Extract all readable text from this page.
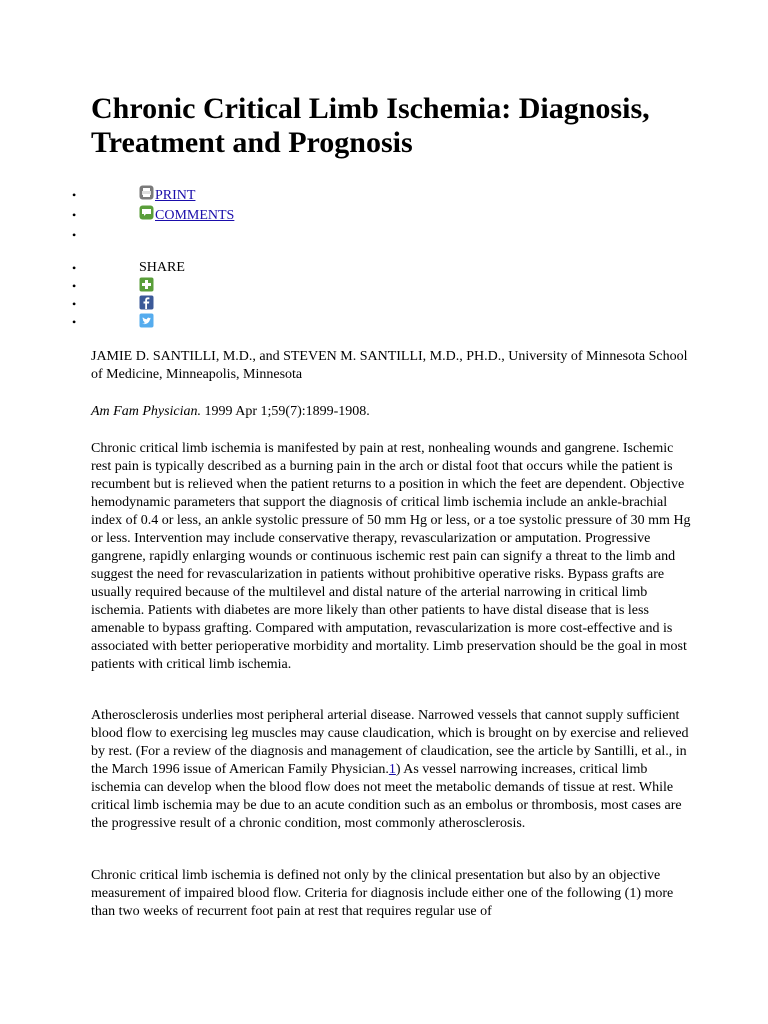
Chronic Critical Limb Ischemia: Diagnosis, Treatment and Prognosis
• PRINT
• COMMENTS
•
• SHARE
•
•
•

JAMIE D. SANTILLI, M.D., and STEVEN M. SANTILLI, M.D., PH.D., University of Minnesota School of Medicine, Minneapolis, Minnesota

Am Fam Physician. 1999 Apr 1;59(7):1899-1908.

Chronic critical limb ischemia is manifested by pain at rest, nonhealing wounds and gangrene. Ischemic rest pain is typically described as a burning pain in the arch or distal foot that occurs while the patient is recumbent but is relieved when the patient returns to a position in which the feet are dependent. Objective hemodynamic parameters that support the diagnosis of critical limb ischemia include an ankle-brachial index of 0.4 or less, an ankle systolic pressure of 50 mm Hg or less, or a toe systolic pressure of 30 mm Hg or less. Intervention may include conservative therapy, revascularization or amputation. Progressive gangrene, rapidly enlarging wounds or continuous ischemic rest pain can signify a threat to the limb and suggest the need for revascularization in patients without prohibitive operative risks. Bypass grafts are usually required because of the multilevel and distal nature of the arterial narrowing in critical limb ischemia. Patients with diabetes are more likely than other patients to have distal disease that is less amenable to bypass grafting. Compared with amputation, revascularization is more cost-effective and is associated with better perioperative morbidity and mortality. Limb preservation should be the goal in most patients with critical limb ischemia.

Atherosclerosis underlies most peripheral arterial disease. Narrowed vessels that cannot supply sufficient blood flow to exercising leg muscles may cause claudication, which is brought on by exercise and relieved by rest. (For a review of the diagnosis and management of claudication, see the article by Santilli, et al., in the March 1996 issue of American Family Physician.1) As vessel narrowing increases, critical limb ischemia can develop when the blood flow does not meet the metabolic demands of tissue at rest. While critical limb ischemia may be due to an acute condition such as an embolus or thrombosis, most cases are the progressive result of a chronic condition, most commonly atherosclerosis.

Chronic critical limb ischemia is defined not only by the clinical presentation but also by an objective measurement of impaired blood flow. Criteria for diagnosis include either one of the following (1) more than two weeks of recurrent foot pain at rest that requires regular use of
